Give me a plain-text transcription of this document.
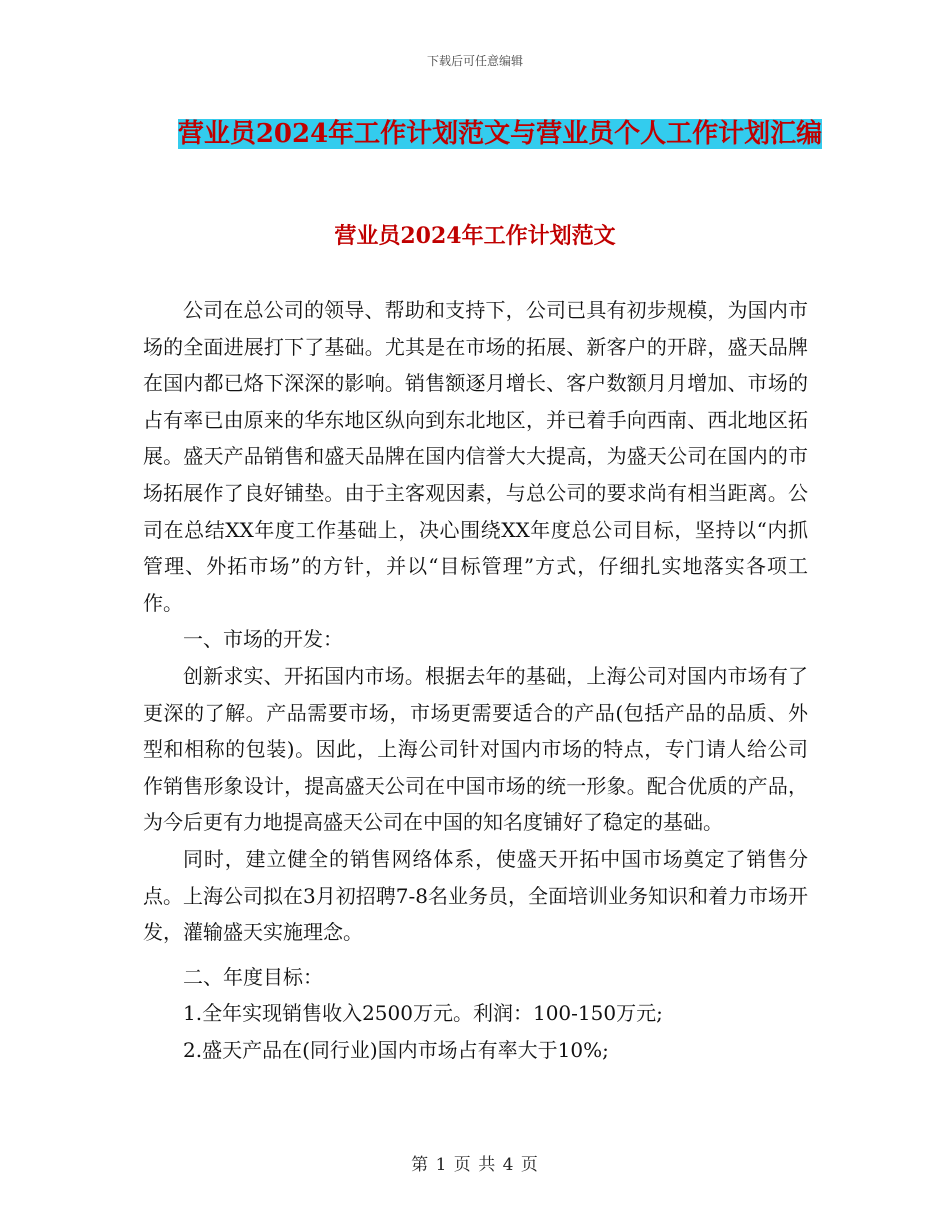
下载后可任意编辑
营业员2024年工作计划范文与营业员个人工作计划汇编
营业员2024年工作计划范文

公司在总公司的领导、帮助和支持下，公司已具有初步规模，为国内市场的全面进展打下了基础。尤其是在市场的拓展、新客户的开辟，盛天品牌在国内都已烙下深深的影响。销售额逐月增长、客户数额月月增加、市场的占有率已由原来的华东地区纵向到东北地区，并已着手向西南、西北地区拓展。盛天产品销售和盛天品牌在国内信誉大大提高，为盛天公司在国内的市场拓展作了良好铺垫。由于主客观因素，与总公司的要求尚有相当距离。公司在总结XX年度工作基础上，决心围绕XX年度总公司目标，坚持以“内抓管理、外拓市场”的方针，并以“目标管理”方式，仔细扎实地落实各项工作。

一、市场的开发：

创新求实、开拓国内市场。根据去年的基础，上海公司对国内市场有了更深的了解。产品需要市场，市场更需要适合的产品(包括产品的品质、外型和相称的包装)。因此，上海公司针对国内市场的特点，专门请人给公司作销售形象设计，提高盛天公司在中国市场的统一形象。配合优质的产品，为今后更有力地提高盛天公司在中国的知名度铺好了稳定的基础。

同时，建立健全的销售网络体系，使盛天开拓中国市场奠定了销售分点。上海公司拟在3月初招聘7-8名业务员，全面培训业务知识和着力市场开发，灌输盛天实施理念。

二、年度目标：

1.全年实现销售收入2500万元。利润：100-150万元;

2.盛天产品在(同行业)国内市场占有率大于10%;

第 1 页 共 4 页
